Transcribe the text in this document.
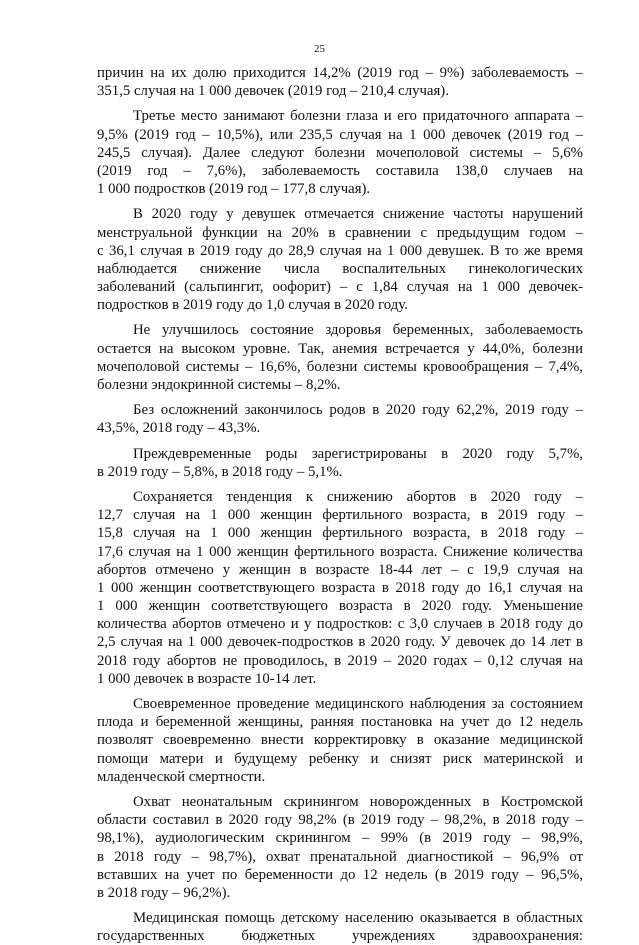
25
причин на их долю приходится 14,2% (2019 год – 9%) заболеваемость –
351,5 случая на 1 000 девочек (2019 год – 210,4 случая).
Третье место занимают болезни глаза и его придаточного аппарата –
9,5% (2019 год – 10,5%), или 235,5 случая на 1 000 девочек (2019 год –
245,5 случая). Далее следуют болезни мочеполовой системы – 5,6%
(2019 год – 7,6%), заболеваемость составила 138,0 случаев на
1 000 подростков (2019 год – 177,8 случая).
В 2020 году у девушек отмечается снижение частоты нарушений
менструальной функции на 20% в сравнении с предыдущим годом –
с 36,1 случая в 2019 году до 28,9 случая на 1 000 девушек. В то же время
наблюдается снижение числа воспалительных гинекологических
заболеваний (сальпингит, оофорит) – с 1,84 случая на 1 000 девочек-
подростков в 2019 году до 1,0 случая в 2020 году.
Не улучшилось состояние здоровья беременных, заболеваемость
остается на высоком уровне. Так, анемия встречается у 44,0%, болезни
мочеполовой системы – 16,6%, болезни системы кровообращения – 7,4%,
болезни эндокринной системы – 8,2%.
Без осложнений закончилось родов в 2020 году 62,2%, 2019 году –
43,5%, 2018 году – 43,3%.
Преждевременные роды зарегистрированы в 2020 году 5,7%,
в 2019 году – 5,8%, в 2018 году – 5,1%.
Сохраняется тенденция к снижению абортов в 2020 году –
12,7 случая на 1 000 женщин фертильного возраста, в 2019 году –
15,8 случая на 1 000 женщин фертильного возраста, в 2018 году –
17,6 случая на 1 000 женщин фертильного возраста. Снижение количества
абортов отмечено у женщин в возрасте 18-44 лет – с 19,9 случая на
1 000 женщин соответствующего возраста в 2018 году до 16,1 случая на
1 000 женщин соответствующего возраста в 2020 году. Уменьшение
количества абортов отмечено и у подростков: с 3,0 случаев в 2018 году до
2,5 случая на 1 000 девочек-подростков в 2020 году. У девочек до 14 лет в
2018 году абортов не проводилось, в 2019 – 2020 годах – 0,12 случая на
1 000 девочек в возрасте 10-14 лет.
Своевременное проведение медицинского наблюдения за состоянием
плода и беременной женщины, ранняя постановка на учет до 12 недель
позволят своевременно внести корректировку в оказание медицинской
помощи матери и будущему ребенку и снизят риск материнской и
младенческой смертности.
Охват неонатальным скринингом новорожденных в Костромской
области составил в 2020 году 98,2% (в 2019 году – 98,2%, в 2018 году –
98,1%), аудиологическим скринингом – 99% (в 2019 году – 98,9%,
в 2018 году – 98,7%), охват пренатальной диагностикой – 96,9% от
вставших на учет по беременности до 12 недель (в 2019 году – 96,5%,
в 2018 году – 96,2%).
Медицинская помощь детскому населению оказывается в областных
государственных бюджетных учреждениях здравоохранения:
